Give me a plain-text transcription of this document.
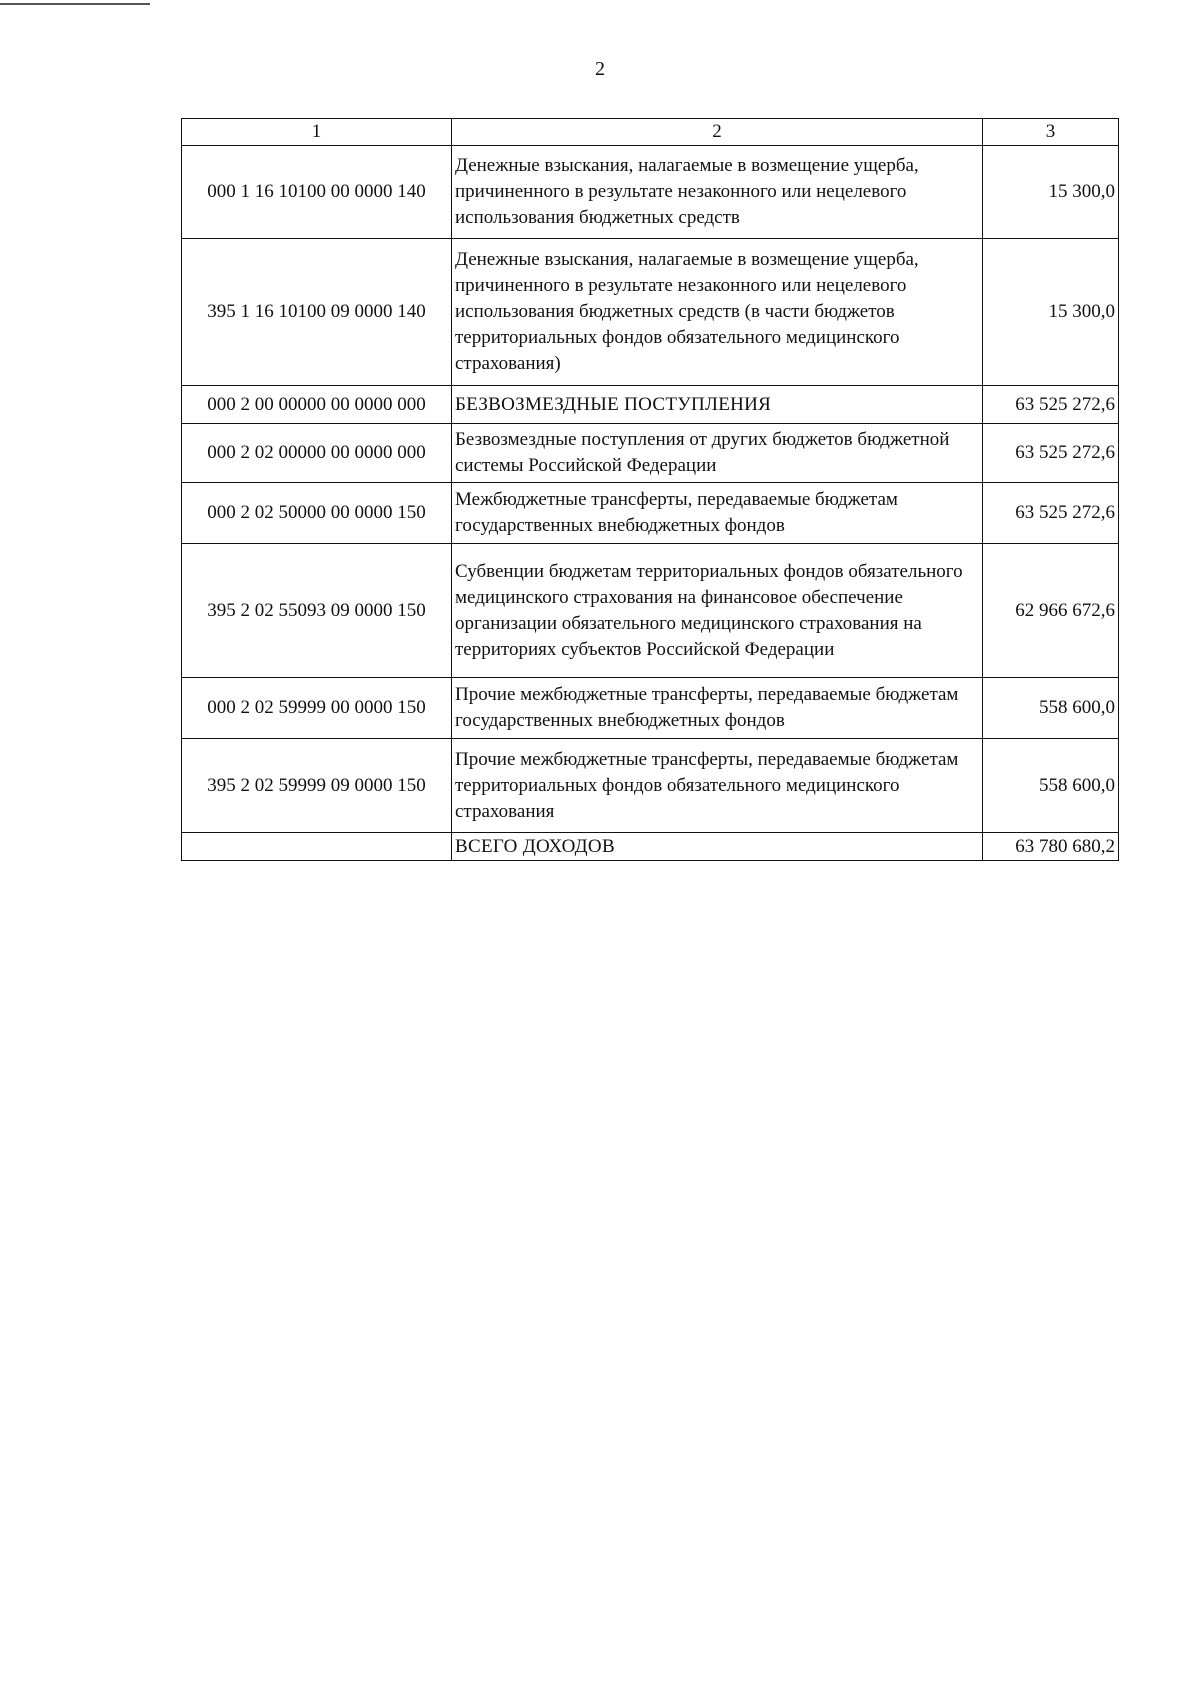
2
1	2	3
000 1 16 10100 00 0000 140	Денежные взыскания, налагаемые в возмещение ущерба, причиненного в результате незаконного или нецелевого использования бюджетных средств	15 300,0
395 1 16 10100 09 0000 140	Денежные взыскания, налагаемые в возмещение ущерба, причиненного в результате незаконного или нецелевого использования бюджетных средств (в части бюджетов территориальных фондов обязательного медицинского страхования)	15 300,0
000 2 00 00000 00 0000 000	БЕЗВОЗМЕЗДНЫЕ ПОСТУПЛЕНИЯ	63 525 272,6
000 2 02 00000 00 0000 000	Безвозмездные поступления от других бюджетов бюджетной системы Российской Федерации	63 525 272,6
000 2 02 50000 00 0000 150	Межбюджетные трансферты, передаваемые бюджетам государственных внебюджетных фондов	63 525 272,6
395 2 02 55093 09 0000 150	Субвенции бюджетам территориальных фондов обязательного медицинского страхования на финансовое обеспечение организации обязательного медицинского страхования на территориях субъектов Российской Федерации	62 966 672,6
000 2 02 59999 00 0000 150	Прочие межбюджетные трансферты, передаваемые бюджетам государственных внебюджетных фондов	558 600,0
395 2 02 59999 09 0000 150	Прочие межбюджетные трансферты, передаваемые бюджетам территориальных фондов обязательного медицинского страхования	558 600,0
	ВСЕГО ДОХОДОВ	63 780 680,2
